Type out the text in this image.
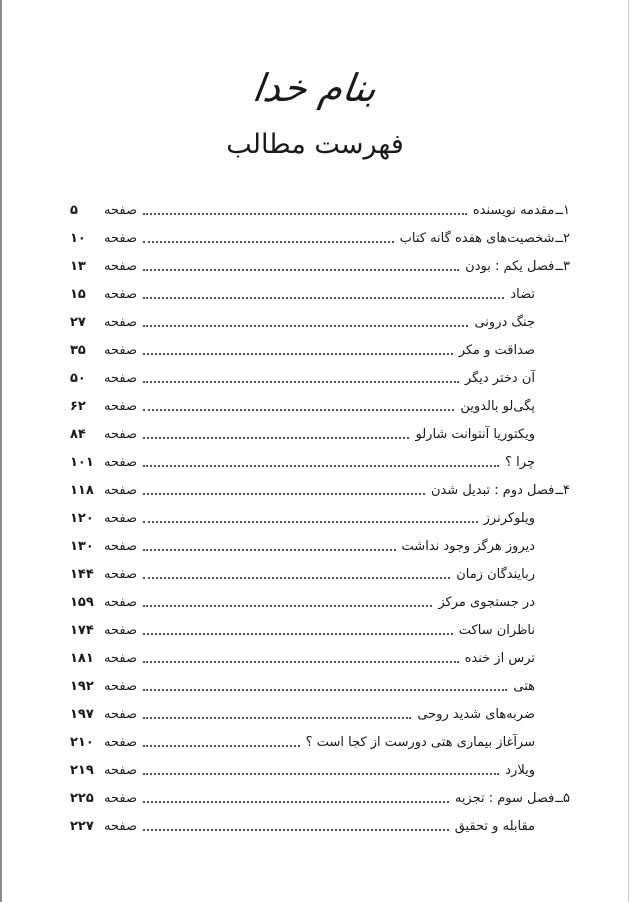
بنام خدا
فهرست مطالب
۱ــ
مقدمه نویسنده
صفحه
۵
۲ــ
شخصیت‌های هفده گانه کتاب
صفحه
۱۰
۳ــ
فصل یکم : بودن
صفحه
۱۳
تضاد
صفحه
۱۵
جنگ درونی
صفحه
۲۷
صداقت و مکر
صفحه
۳۵
آن دختر دیگر
صفحه
۵۰
پگی‌لو بالدوین
صفحه
۶۲
ویکتوریا آنتوانت شارلو
صفحه
۸۴
چرا ؟
صفحه
۱۰۱
۴ــ
فصل دوم : تبدیل شدن
صفحه
۱۱۸
ویلوکرنرز
صفحه
۱۲۰
دیروز هرگز وجود نداشت
صفحه
۱۳۰
ربایندگان زمان
صفحه
۱۴۴
در جستجوی مرکز
صفحه
۱۵۹
ناظران ساکت
صفحه
۱۷۴
ترس از خنده
صفحه
۱۸۱
هتی
صفحه
۱۹۲
ضربه‌های شدید روحی
صفحه
۱۹۷
سرآغاز بیماری هتی دورست از کجا است ؟
صفحه
۲۱۰
ویلارد
صفحه
۲۱۹
۵ــ
فصل سوم : تجزیه
صفحه
۲۲۵
مقابله و تحقیق
صفحه
۲۲۷
